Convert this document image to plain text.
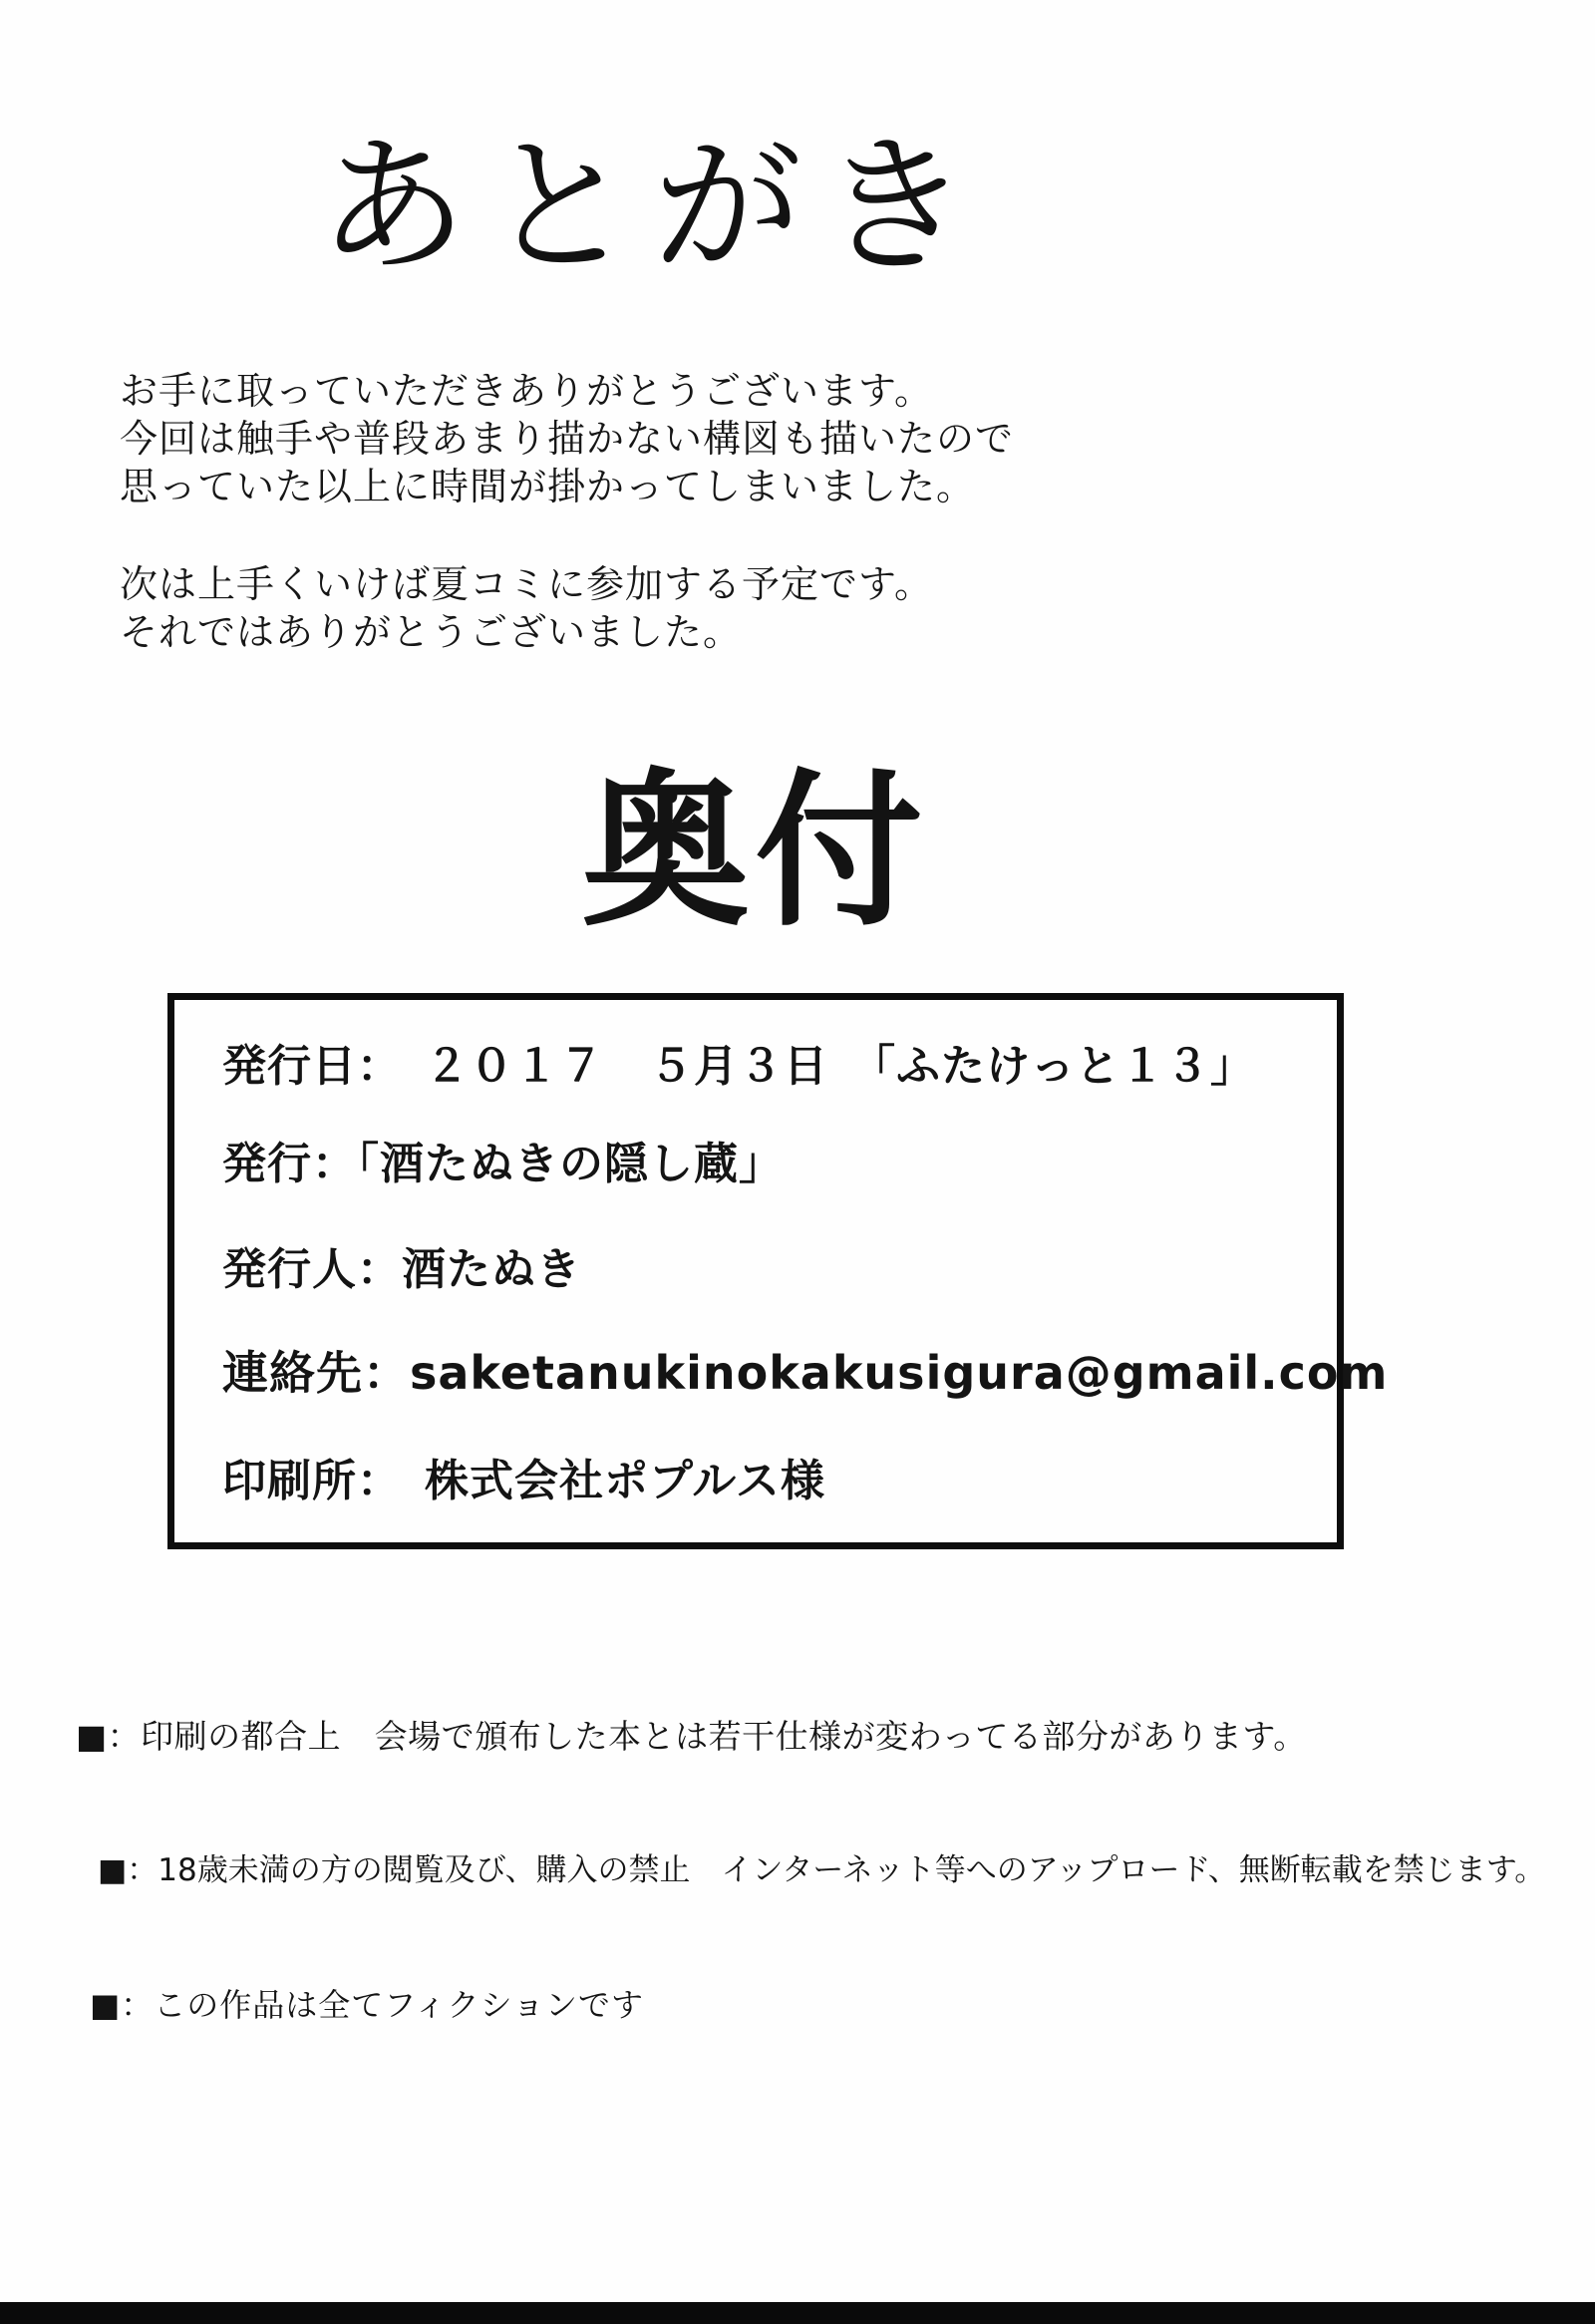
あとがき
お手に取っていただきありがとうございます。
今回は触手や普段あまり描かない構図も描いたので
思っていた以上に時間が掛かってしまいました。
次は上手くいけば夏コミに参加する予定です。
それではありがとうございました。
奥付
発行日：　２０１７　５月３日　「ふたけっと１３」
発行：「酒たぬきの隠し蔵」
発行人：酒たぬき
連絡先：saketanukinokakusigura@gmail.com
印刷所：　株式会社ポプルス様
■：印刷の都合上　会場で頒布した本とは若干仕様が変わってる部分があります。
■：18歳未満の方の閲覧及び、購入の禁止　インターネット等へのアップロード、無断転載を禁じます。
■：この作品は全てフィクションです
